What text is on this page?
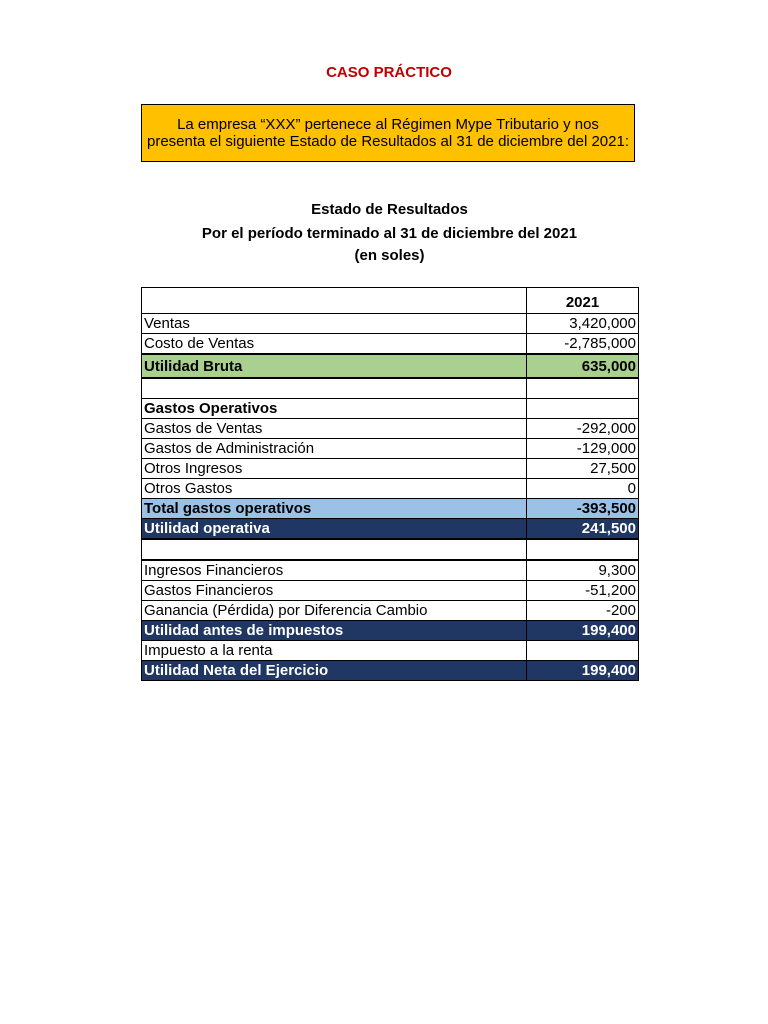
CASO PRÁCTICO
La empresa “XXX” pertenece al Régimen Mype Tributario y nos presenta el siguiente Estado de Resultados al 31 de diciembre del 2021:
Estado de Resultados
Por el período terminado al 31 de diciembre del 2021
(en soles)
	2021
Ventas	3,420,000
Costo de Ventas	-2,785,000
Utilidad Bruta	635,000

Gastos Operativos	
Gastos de Ventas	-292,000
Gastos de Administración	-129,000
Otros Ingresos	27,500
Otros Gastos	0
Total gastos operativos	-393,500
Utilidad operativa	241,500

Ingresos Financieros	9,300
Gastos Financieros	-51,200
Ganancia (Pérdida) por Diferencia Cambio	-200
Utilidad antes de impuestos	199,400
Impuesto a la renta	
Utilidad Neta del Ejercicio	199,400
